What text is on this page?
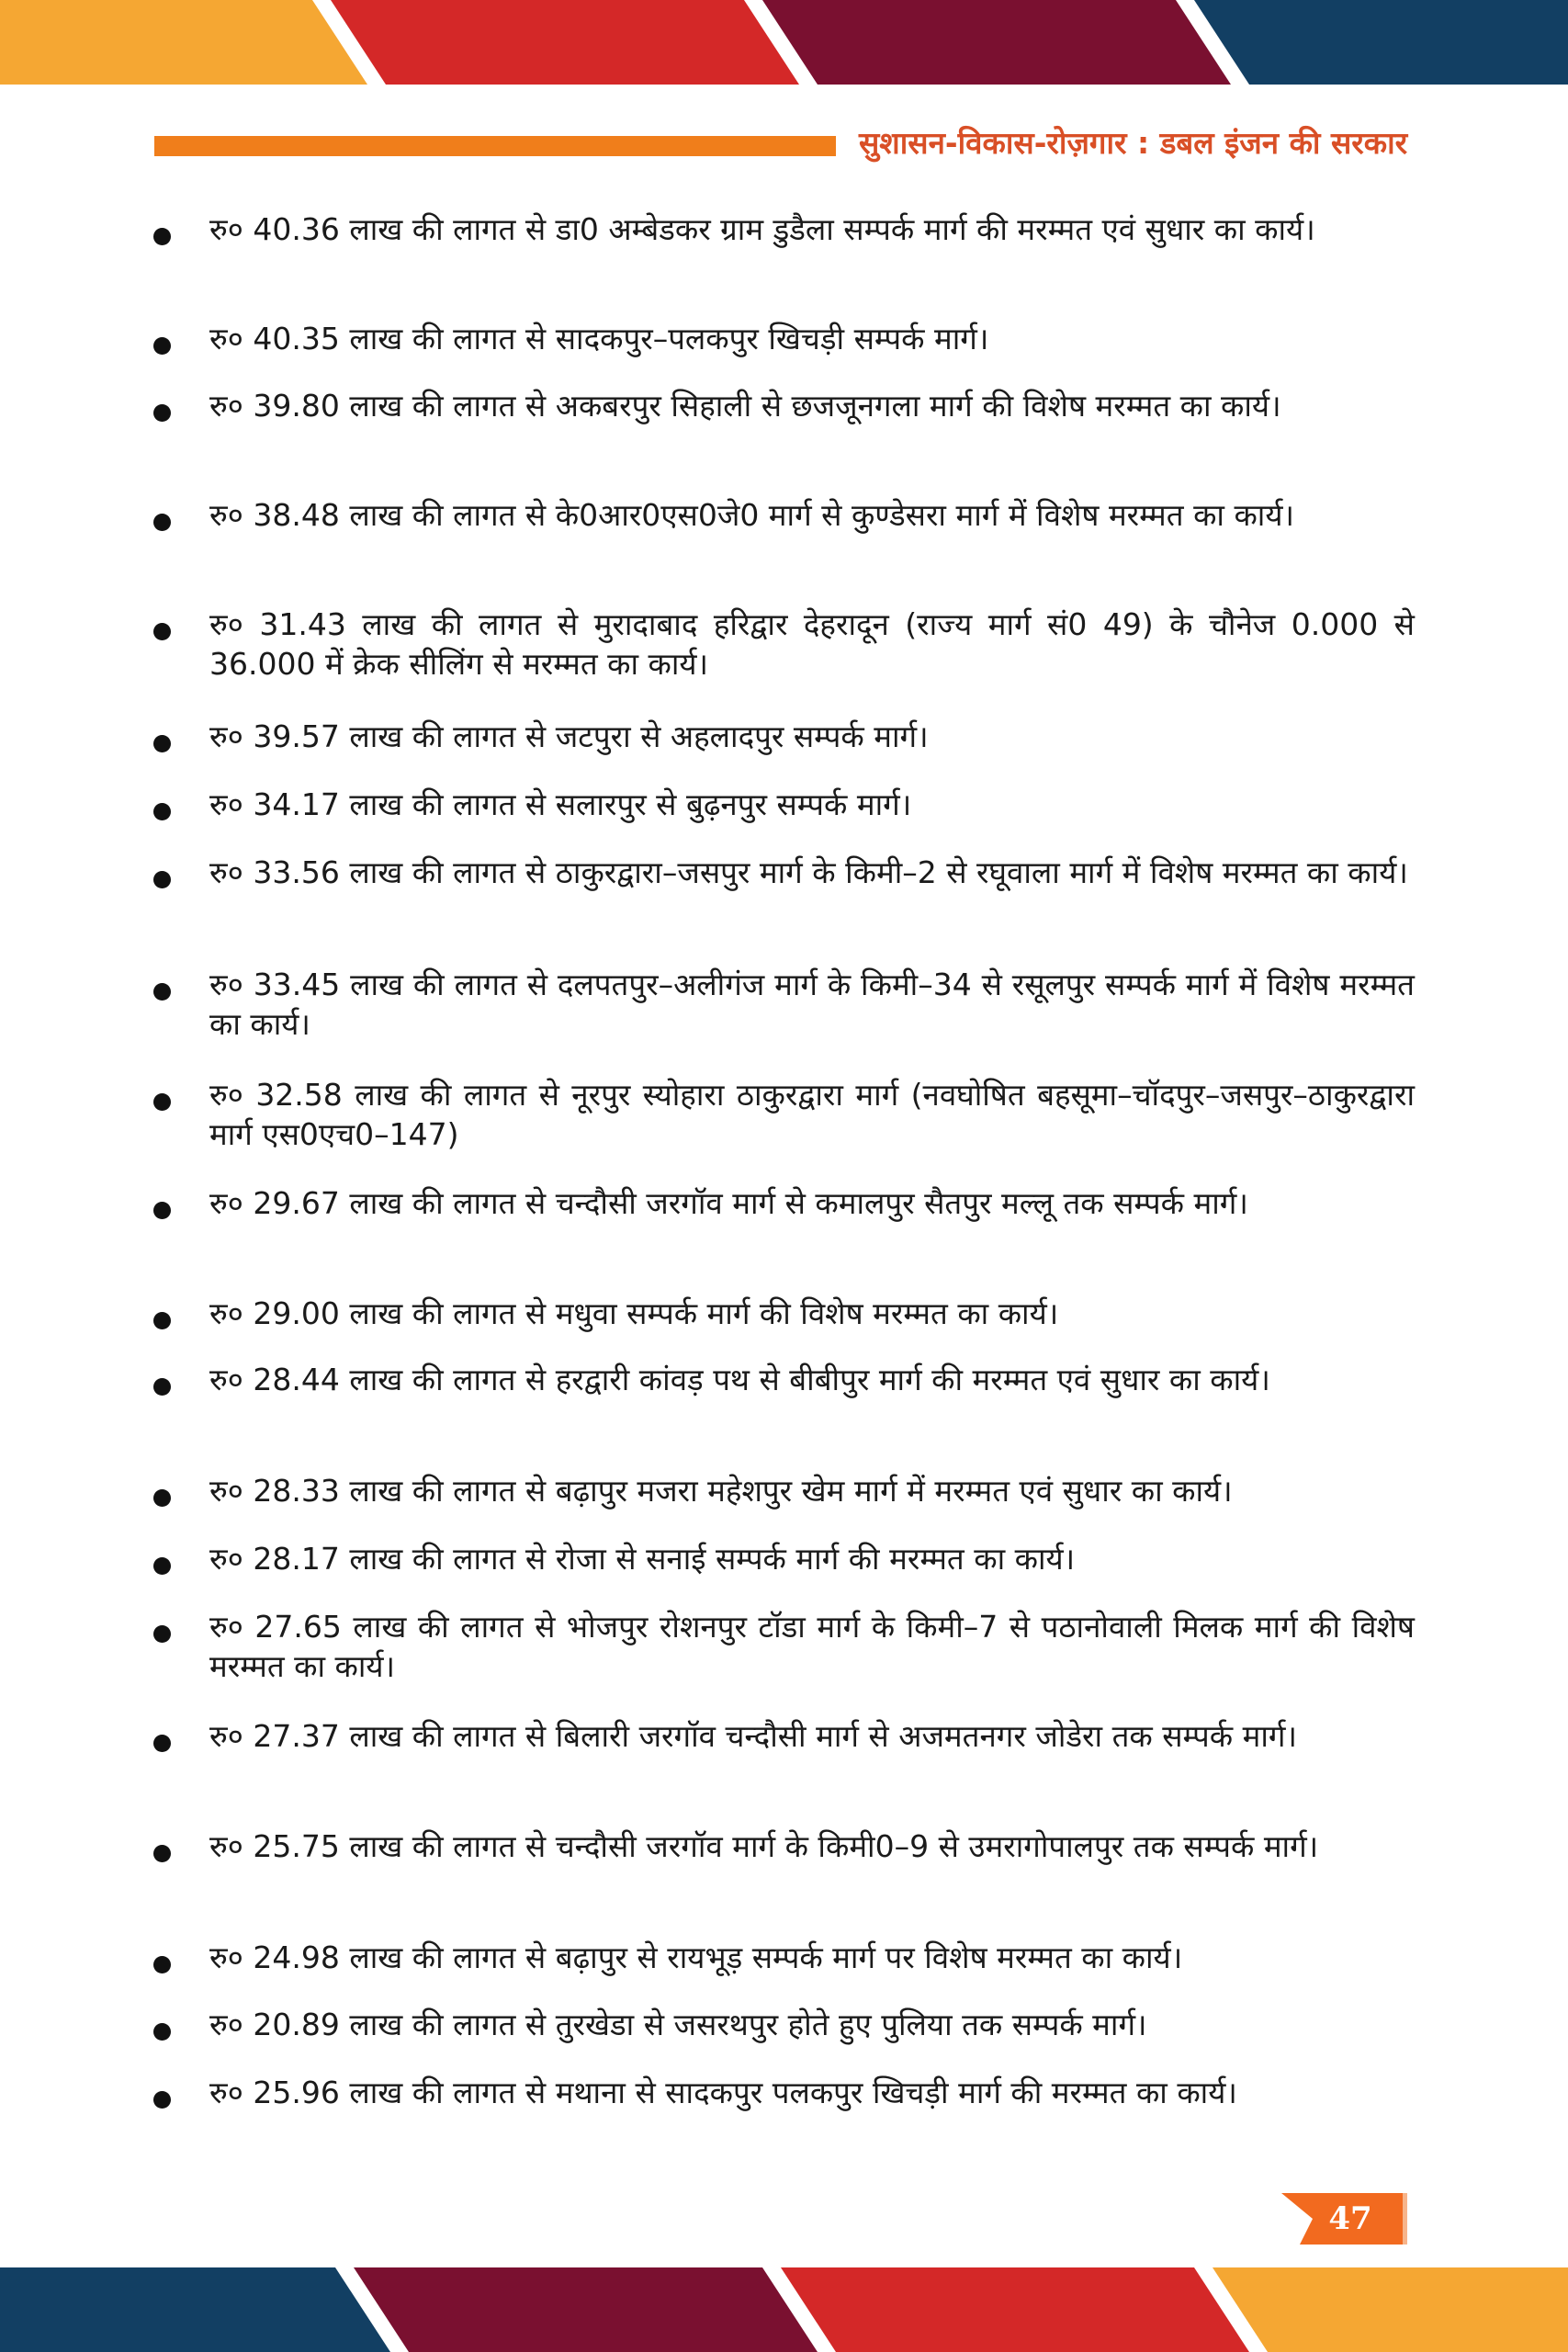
सुशासन-विकास-रोज़गार : डबल इंजन की सरकार
रु० 40.36 लाख की लागत से डा0 अम्बेडकर ग्राम डुडैला सम्पर्क मार्ग की मरम्मत एवं सुधार का कार्य।
रु० 40.35 लाख की लागत से सादकपुर–पलकपुर खिचड़ी सम्पर्क मार्ग।
रु० 39.80 लाख की लागत से अकबरपुर सिहाली से छजजूनगला मार्ग की विशेष मरम्मत का कार्य।
रु० 38.48 लाख की लागत से के0आर0एस0जे0 मार्ग से कुण्डेसरा मार्ग में विशेष मरम्मत का कार्य।
रु० 31.43 लाख की लागत से मुरादाबाद हरिद्वार देहरादून (राज्य मार्ग सं0 49) के चौनेज 0.000 से 36.000 में क्रेक सीलिंग से मरम्मत का कार्य।
रु० 39.57 लाख की लागत से जटपुरा से अहलादपुर सम्पर्क मार्ग।
रु० 34.17 लाख की लागत से सलारपुर से बुढ़नपुर सम्पर्क मार्ग।
रु० 33.56 लाख की लागत से ठाकुरद्वारा–जसपुर मार्ग के किमी–2 से रघूवाला मार्ग में विशेष मरम्मत का कार्य।
रु० 33.45 लाख की लागत से दलपतपुर–अलीगंज मार्ग के किमी–34 से रसूलपुर सम्पर्क मार्ग में विशेष मरम्मत का कार्य।
रु० 32.58 लाख की लागत से नूरपुर स्योहारा ठाकुरद्वारा मार्ग (नवघोषित बहसूमा–चॉदपुर–जसपुर–ठाकुरद्वारा मार्ग एस0एच0–147)
रु० 29.67 लाख की लागत से चन्दौसी जरगॉव मार्ग से कमालपुर सैतपुर मल्लू तक सम्पर्क मार्ग।
रु० 29.00 लाख की लागत से मधुवा सम्पर्क मार्ग की विशेष मरम्मत का कार्य।
रु० 28.44 लाख की लागत से हरद्वारी कांवड़ पथ से बीबीपुर मार्ग की मरम्मत एवं सुधार का कार्य।
रु० 28.33 लाख की लागत से बढ़ापुर मजरा महेशपुर खेम मार्ग में मरम्मत एवं सुधार का कार्य।
रु० 28.17 लाख की लागत से रोजा से सनाई सम्पर्क मार्ग की मरम्मत का कार्य।
रु० 27.65 लाख की लागत से भोजपुर रोशनपुर टॉडा मार्ग के किमी–7 से पठानोवाली मिलक मार्ग की विशेष मरम्मत का कार्य।
रु० 27.37 लाख की लागत से बिलारी जरगॉव चन्दौसी मार्ग से अजमतनगर जोडेरा तक सम्पर्क मार्ग।
रु० 25.75 लाख की लागत से चन्दौसी जरगॉव मार्ग के किमी0–9 से उमरागोपालपुर तक सम्पर्क मार्ग।
रु० 24.98 लाख की लागत से बढ़ापुर से रायभूड़ सम्पर्क मार्ग पर विशेष मरम्मत का कार्य।
रु० 20.89 लाख की लागत से तुरखेडा से जसरथपुर होते हुए पुलिया तक सम्पर्क मार्ग।
रु० 25.96 लाख की लागत से मथाना से सादकपुर पलकपुर खिचड़ी मार्ग की मरम्मत का कार्य।
47
